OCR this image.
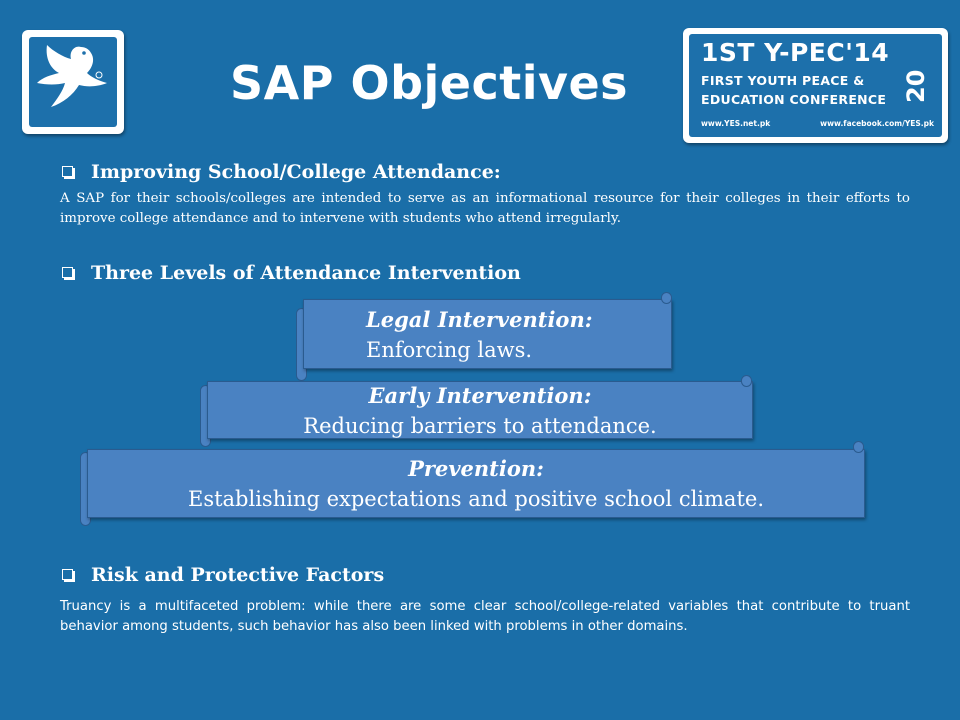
SAP Objectives
1ST Y-PEC'14
FIRST YOUTH PEACE &
EDUCATION CONFERENCE 20
www.YES.net.pk	www.facebook.com/YES.pk
Improving School/College Attendance:

A SAP for their schools/colleges are intended to serve as an informational resource for their colleges in their efforts to improve college attendance and to intervene with students who attend irregularly.

Three Levels of Attendance Intervention
Legal Intervention:
Enforcing laws.
Early Intervention:
Reducing barriers to attendance.
Prevention:
Establishing expectations and positive school climate.
Risk and Protective Factors

Truancy is a multifaceted problem: while there are some clear school/college-related variables that contribute to truant behavior among students, such behavior has also been linked with problems in other domains.
